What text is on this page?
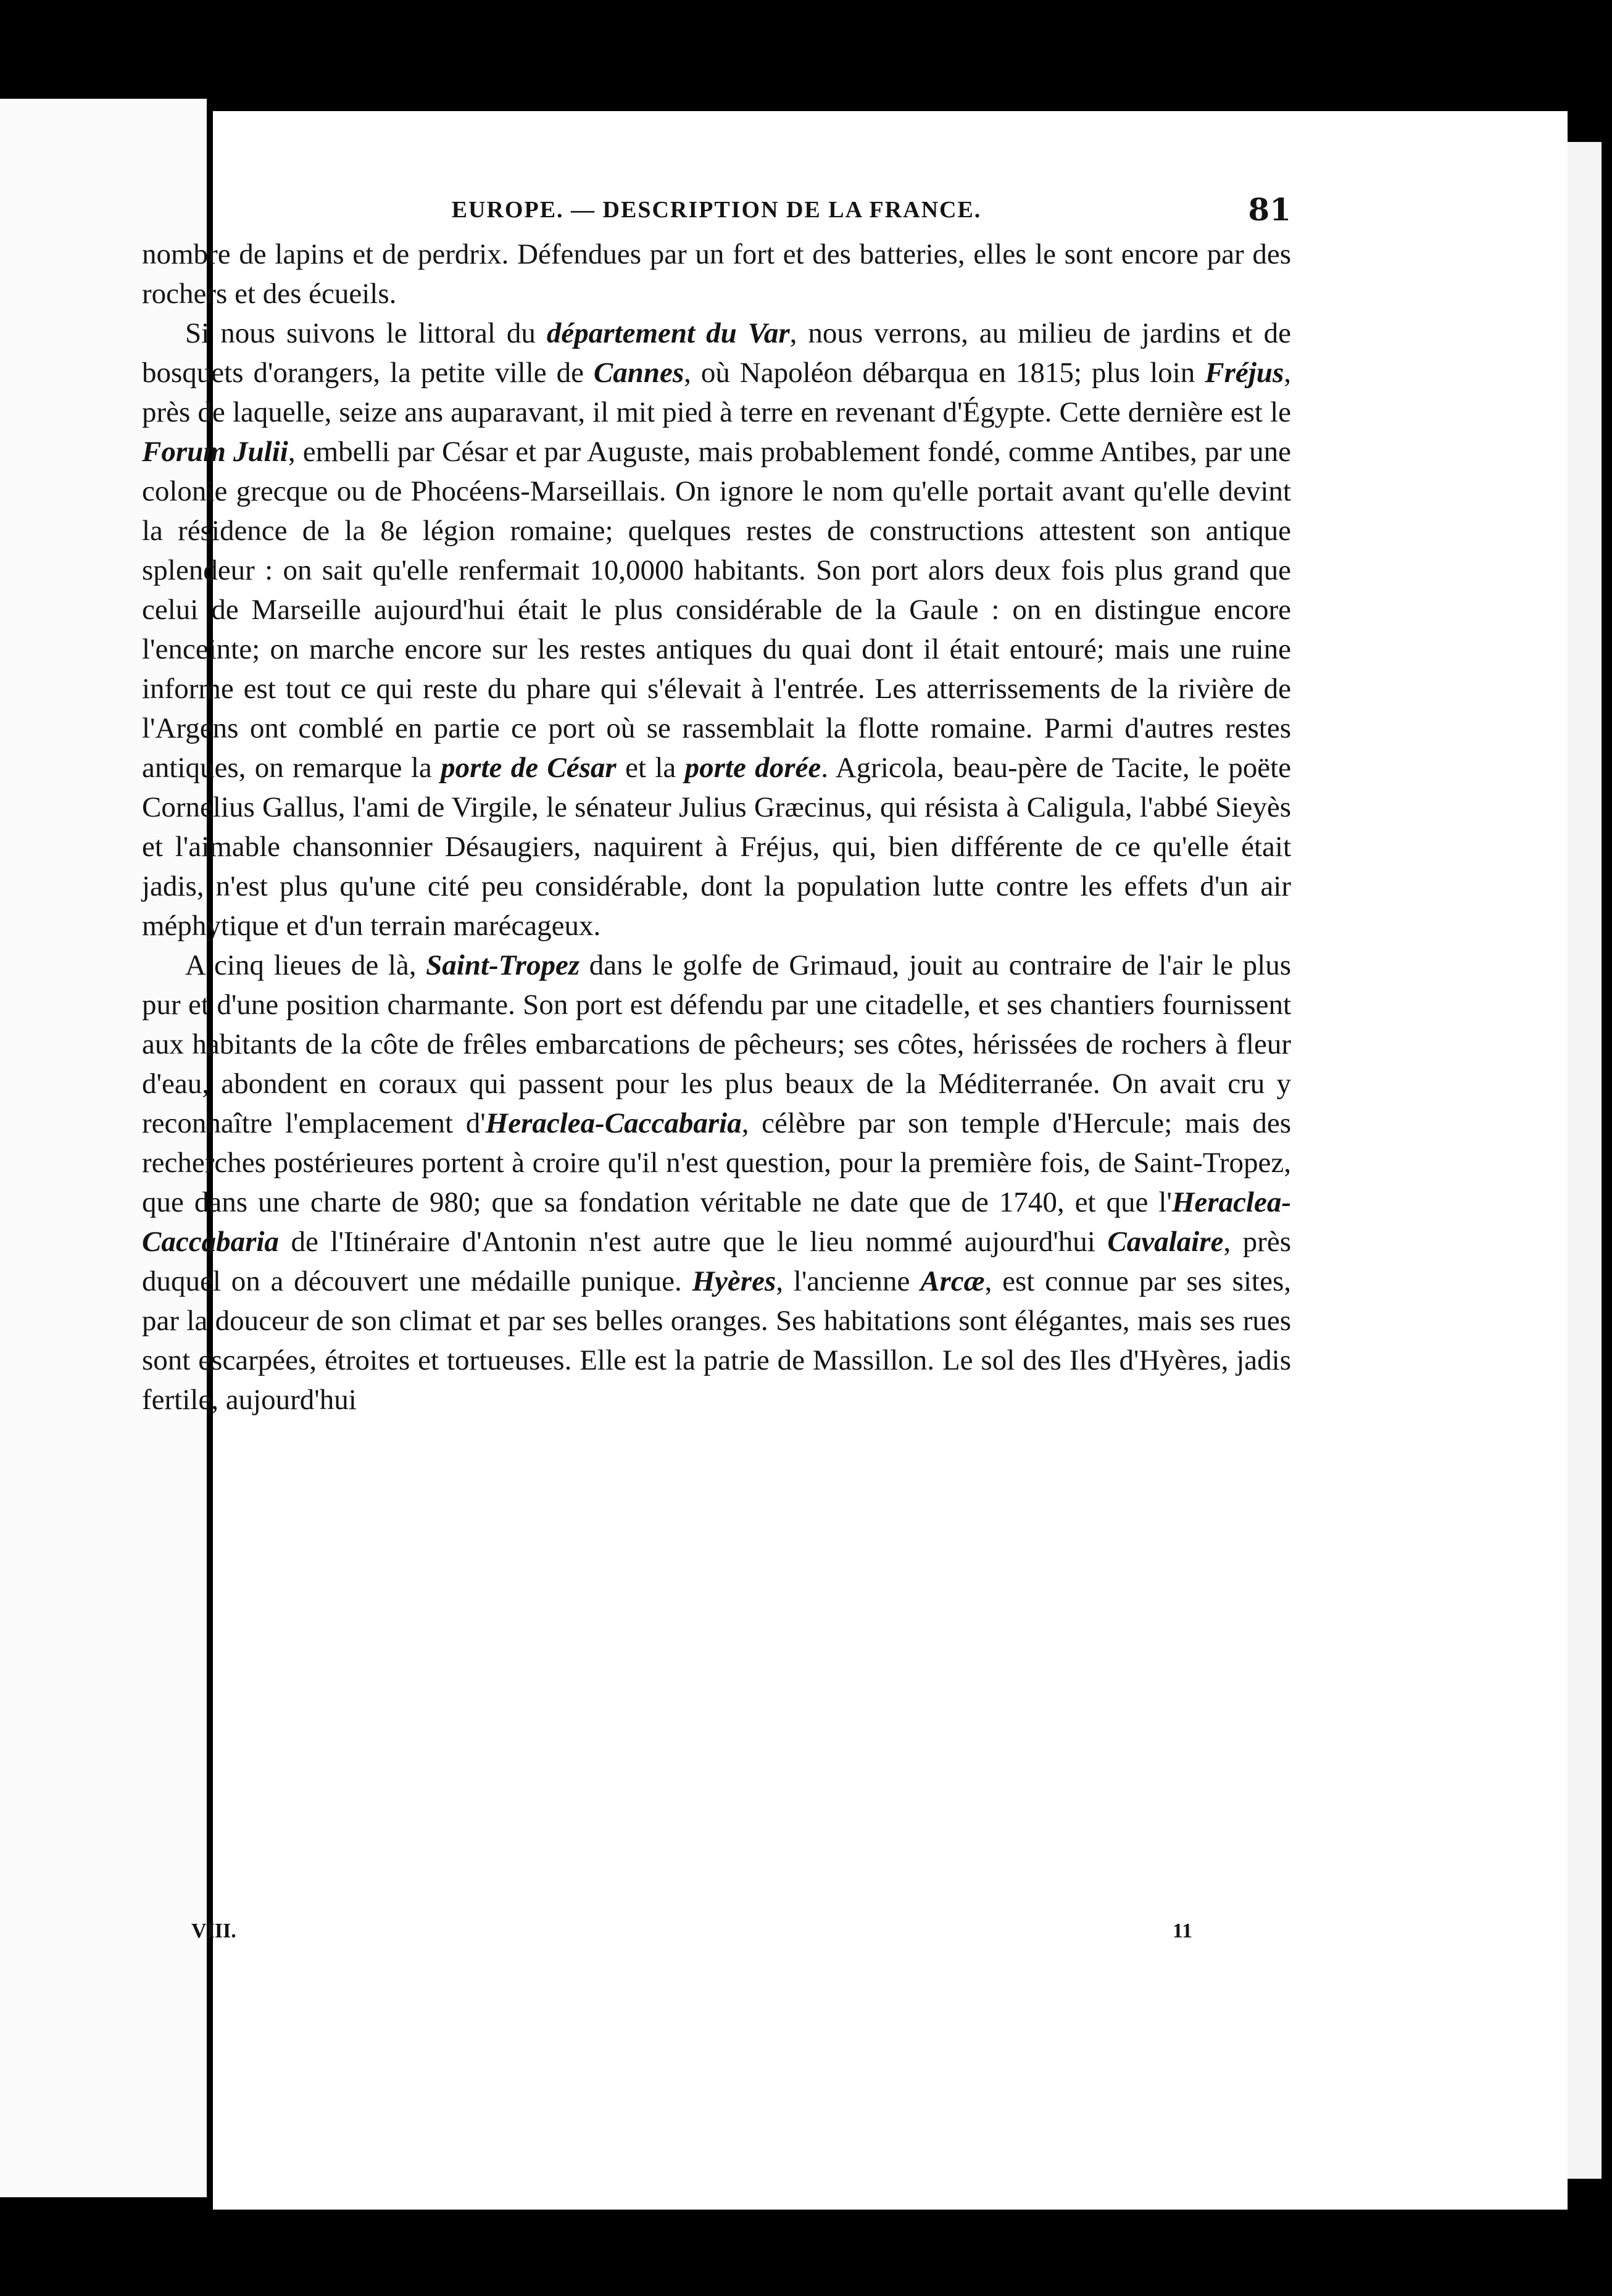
EUROPE. — DESCRIPTION DE LA FRANCE.	81

nombre de lapins et de perdrix. Défendues par un fort et des batteries, elles le sont encore par des rochers et des écueils.

Si nous suivons le littoral du département du Var, nous verrons, au milieu de jardins et de bosquets d'orangers, la petite ville de Cannes, où Napoléon débarqua en 1815; plus loin Fréjus, près de laquelle, seize ans auparavant, il mit pied à terre en revenant d'Égypte. Cette dernière est le Forum Julii, embelli par César et par Auguste, mais probablement fondé, comme Antibes, par une colonie grecque ou de Phocéens-Marseillais. On ignore le nom qu'elle portait avant qu'elle devint la résidence de la 8e légion romaine; quelques restes de constructions attestent son antique splendeur : on sait qu'elle renfermait 10,0000 habitants. Son port alors deux fois plus grand que celui de Marseille aujourd'hui était le plus considérable de la Gaule : on en distingue encore l'enceinte; on marche encore sur les restes antiques du quai dont il était entouré; mais une ruine informe est tout ce qui reste du phare qui s'élevait à l'entrée. Les atterrissements de la rivière de l'Argens ont comblé en partie ce port où se rassemblait la flotte romaine. Parmi d'autres restes antiques, on remarque la porte de César et la porte dorée. Agricola, beau-père de Tacite, le poëte Cornelius Gallus, l'ami de Virgile, le sénateur Julius Græcinus, qui résista à Caligula, l'abbé Sieyès et l'aimable chansonnier Désaugiers, naquirent à Fréjus, qui, bien différente de ce qu'elle était jadis, n'est plus qu'une cité peu considérable, dont la population lutte contre les effets d'un air méphytique et d'un terrain marécageux.

A cinq lieues de là, Saint-Tropez dans le golfe de Grimaud, jouit au contraire de l'air le plus pur et d'une position charmante. Son port est défendu par une citadelle, et ses chantiers fournissent aux habitants de la côte de frêles embarcations de pêcheurs; ses côtes, hérissées de rochers à fleur d'eau, abondent en coraux qui passent pour les plus beaux de la Méditerranée. On avait cru y reconnaître l'emplacement d'Heraclea-Caccabaria, célèbre par son temple d'Hercule; mais des recherches postérieures portent à croire qu'il n'est question, pour la première fois, de Saint-Tropez, que dans une charte de 980; que sa fondation véritable ne date que de 1740, et que l'Heraclea-Caccabaria de l'Itinéraire d'Antonin n'est autre que le lieu nommé aujourd'hui Cavalaire, près duquel on a découvert une médaille punique. Hyères, l'ancienne Arcæ, est connue par ses sites, par la douceur de son climat et par ses belles oranges. Ses habitations sont élégantes, mais ses rues sont escarpées, étroites et tortueuses. Elle est la patrie de Massillon. Le sol des Iles d'Hyères, jadis fertile, aujourd'hui

VIII.	11
